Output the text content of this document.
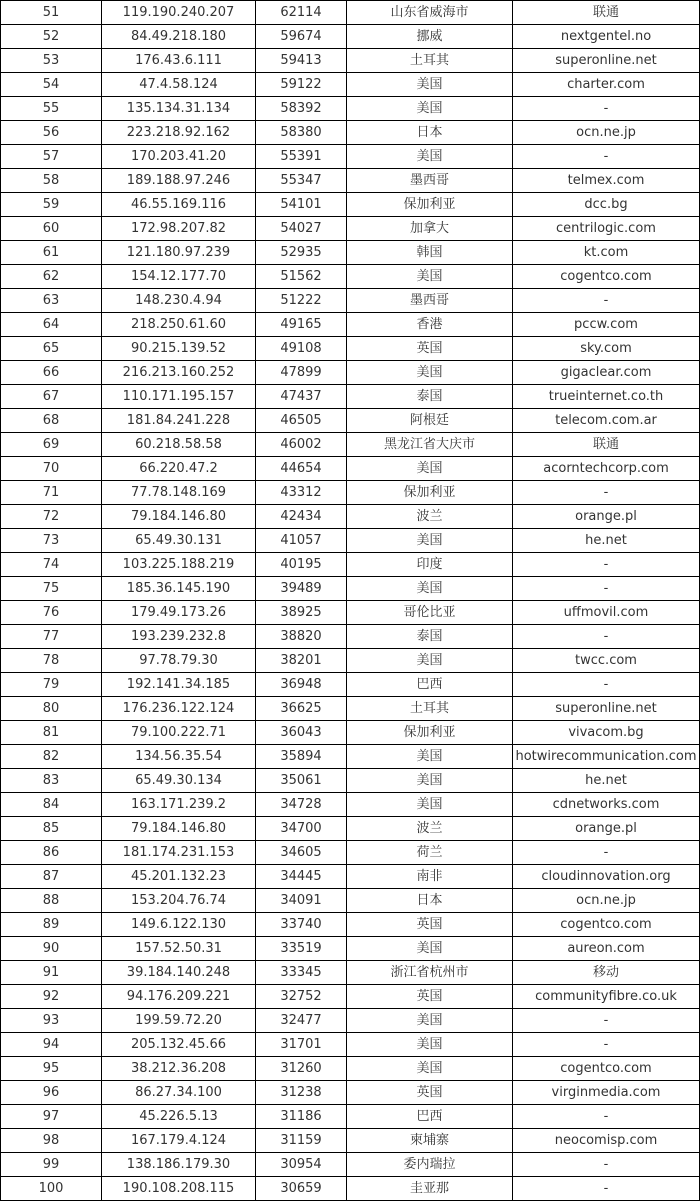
51	119.190.240.207	62114	山东省威海市	联通
52	84.49.218.180	59674	挪威	nextgentel.no
53	176.43.6.111	59413	土耳其	superonline.net
54	47.4.58.124	59122	美国	charter.com
55	135.134.31.134	58392	美国	-
56	223.218.92.162	58380	日本	ocn.ne.jp
57	170.203.41.20	55391	美国	-
58	189.188.97.246	55347	墨西哥	telmex.com
59	46.55.169.116	54101	保加利亚	dcc.bg
60	172.98.207.82	54027	加拿大	centrilogic.com
61	121.180.97.239	52935	韩国	kt.com
62	154.12.177.70	51562	美国	cogentco.com
63	148.230.4.94	51222	墨西哥	-
64	218.250.61.60	49165	香港	pccw.com
65	90.215.139.52	49108	英国	sky.com
66	216.213.160.252	47899	美国	gigaclear.com
67	110.171.195.157	47437	泰国	trueinternet.co.th
68	181.84.241.228	46505	阿根廷	telecom.com.ar
69	60.218.58.58	46002	黑龙江省大庆市	联通
70	66.220.47.2	44654	美国	acorntechcorp.com
71	77.78.148.169	43312	保加利亚	-
72	79.184.146.80	42434	波兰	orange.pl
73	65.49.30.131	41057	美国	he.net
74	103.225.188.219	40195	印度	-
75	185.36.145.190	39489	美国	-
76	179.49.173.26	38925	哥伦比亚	uffmovil.com
77	193.239.232.8	38820	泰国	-
78	97.78.79.30	38201	美国	twcc.com
79	192.141.34.185	36948	巴西	-
80	176.236.122.124	36625	土耳其	superonline.net
81	79.100.222.71	36043	保加利亚	vivacom.bg
82	134.56.35.54	35894	美国	hotwirecommunication.com
83	65.49.30.134	35061	美国	he.net
84	163.171.239.2	34728	美国	cdnetworks.com
85	79.184.146.80	34700	波兰	orange.pl
86	181.174.231.153	34605	荷兰	-
87	45.201.132.23	34445	南非	cloudinnovation.org
88	153.204.76.74	34091	日本	ocn.ne.jp
89	149.6.122.130	33740	英国	cogentco.com
90	157.52.50.31	33519	美国	aureon.com
91	39.184.140.248	33345	浙江省杭州市	移动
92	94.176.209.221	32752	英国	communityfibre.co.uk
93	199.59.72.20	32477	美国	-
94	205.132.45.66	31701	美国	-
95	38.212.36.208	31260	美国	cogentco.com
96	86.27.34.100	31238	英国	virginmedia.com
97	45.226.5.13	31186	巴西	-
98	167.179.4.124	31159	柬埔寨	neocomisp.com
99	138.186.179.30	30954	委内瑞拉	-
100	190.108.208.115	30659	圭亚那	-
